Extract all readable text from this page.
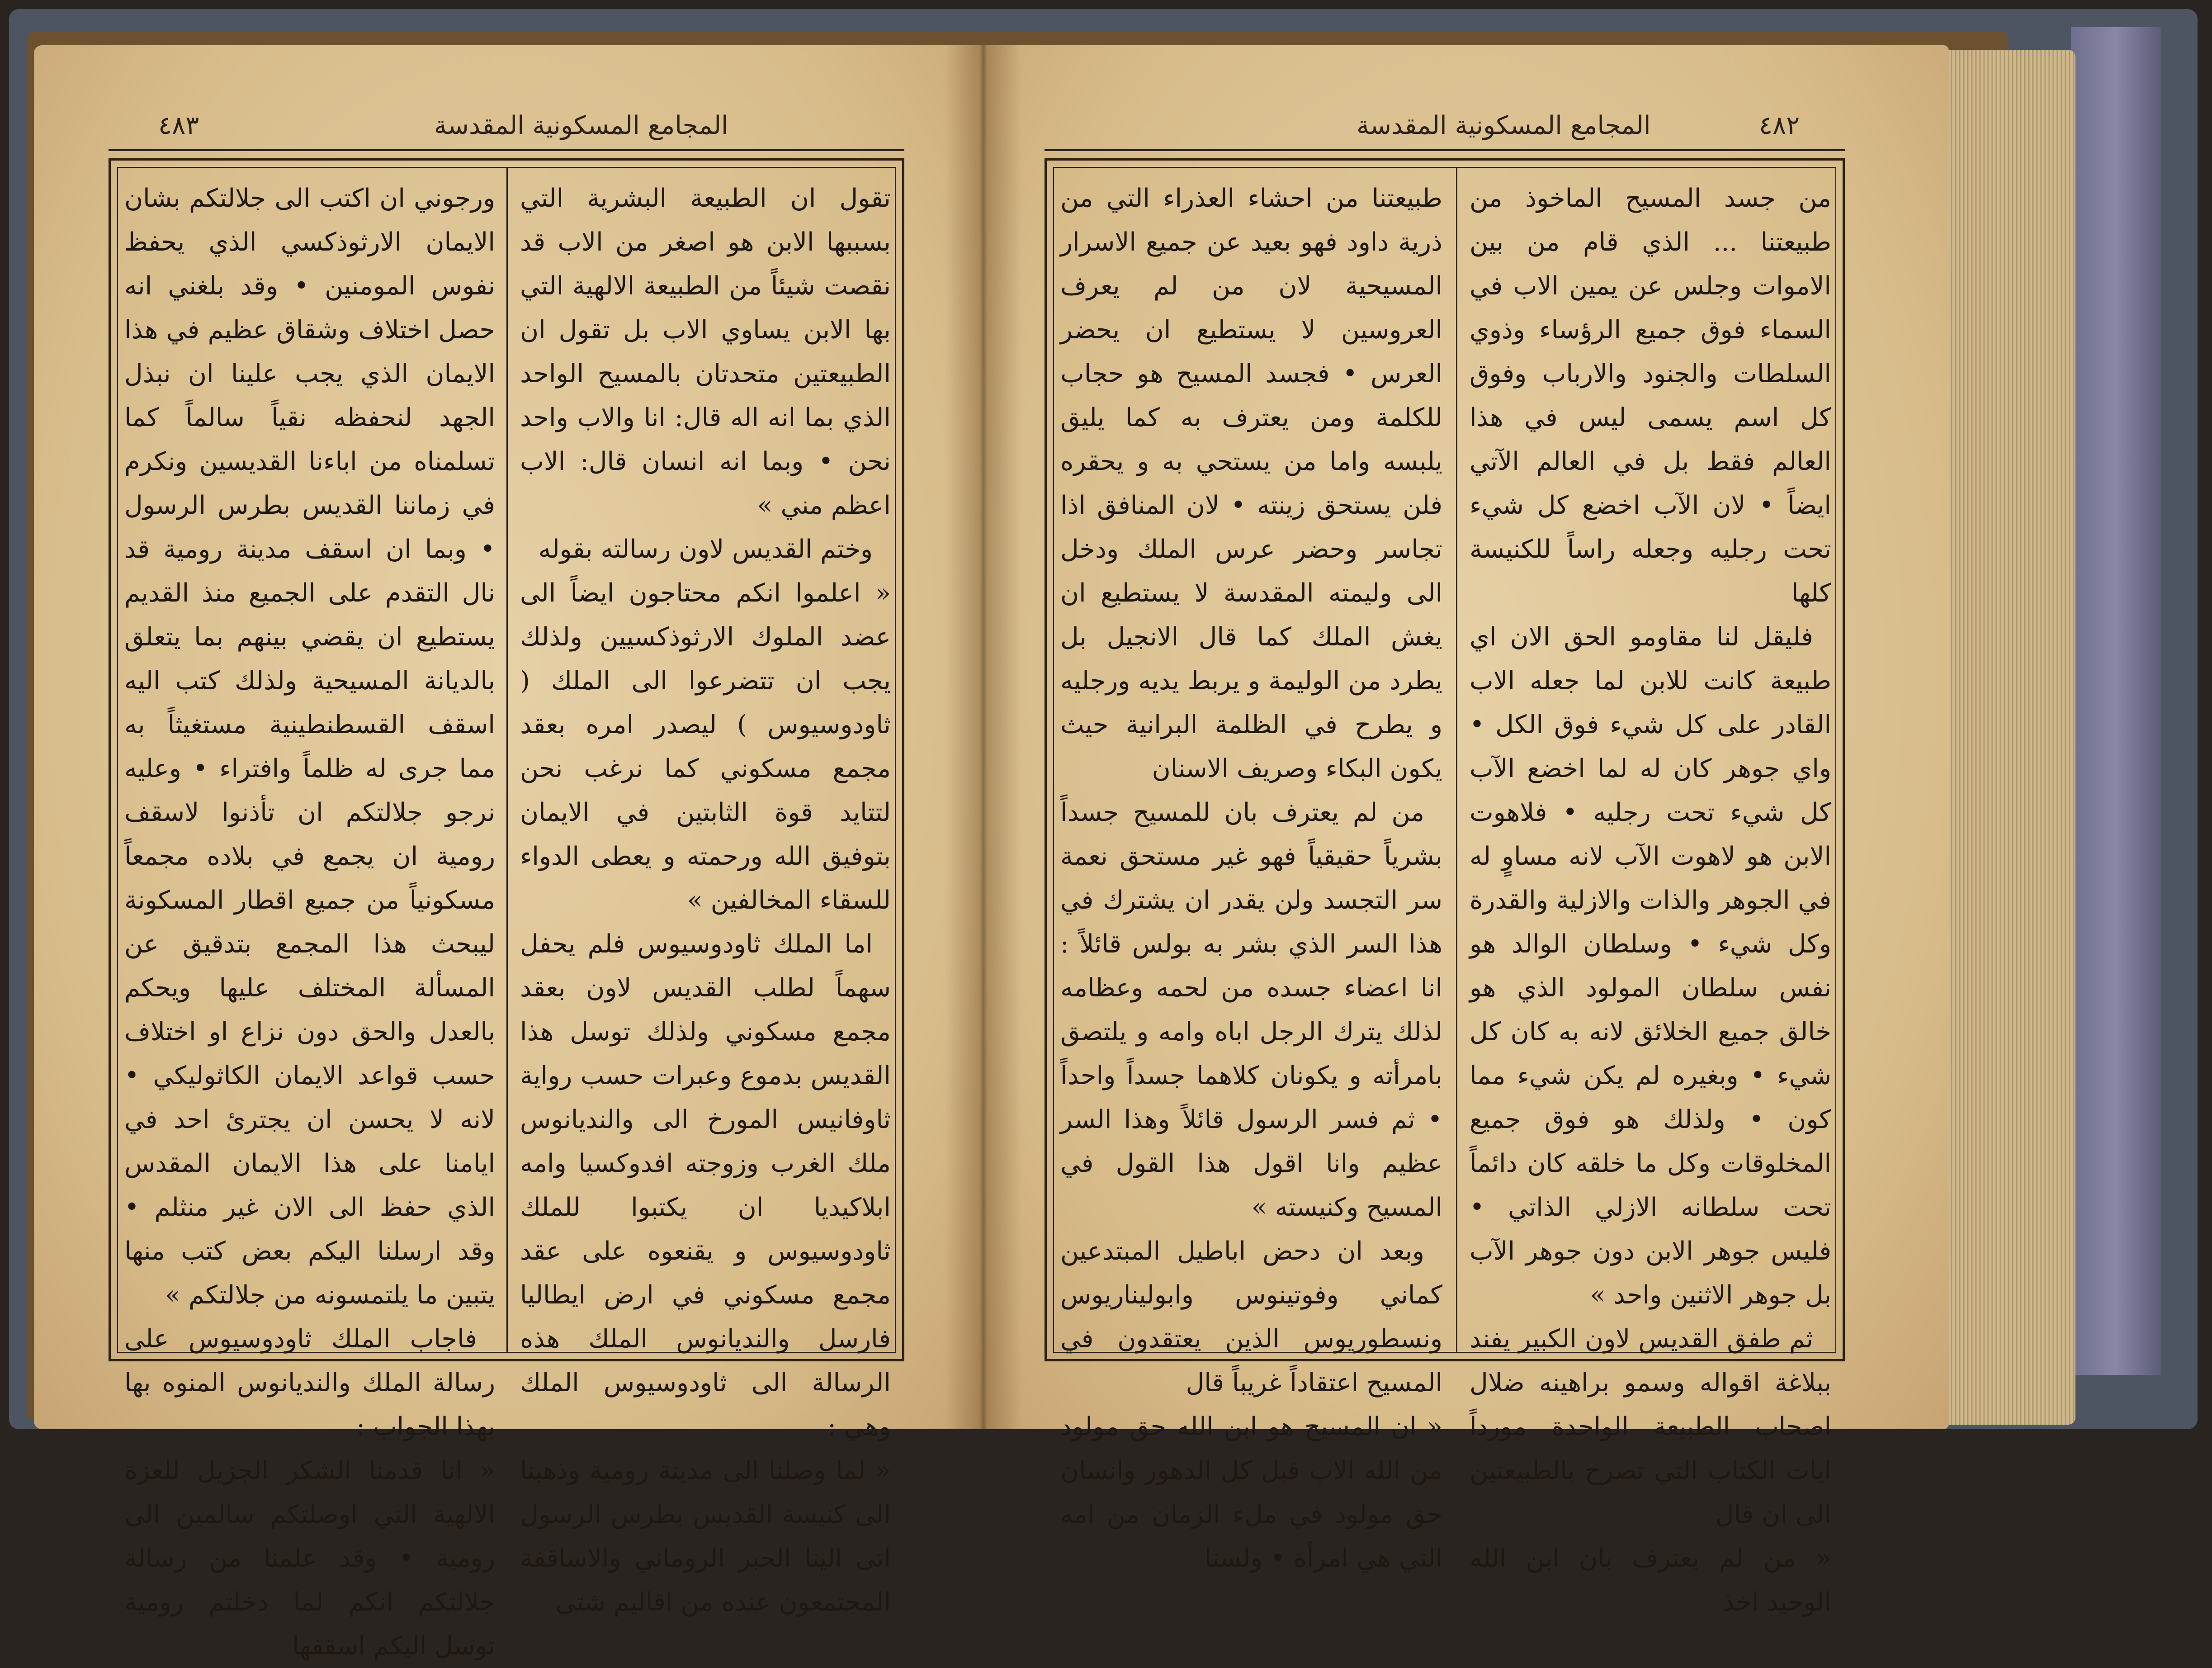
٤٨٣	المجامع المسكونية المقدسة

تقول ان الطبيعة البشرية التي بسببها الابن هو اصغر من الاب قد نقصت شيئاً من الطبيعة الالهية التي بها الابن يساوي الاب بل تقول ان الطبيعتين متحدتان بالمسيح الواحد الذي بما انه اله قال: انا والاب واحد نحن • وبما انه انسان قال: الاب اعظم مني »

وختم القديس لاون رسالته بقوله

« اعلموا انكم محتاجون ايضاً الى عضد الملوك الارثوذكسيين ولذلك يجب ان تتضرعوا الى الملك ( ثاودوسيوس ) ليصدر امره بعقد مجمع مسكوني كما نرغب نحن لتتايد قوة الثابتين في الايمان بتوفيق الله ورحمته و يعطى الدواء للسقاء المخالفين »

اما الملك ثاودوسيوس فلم يحفل سهماً لطلب القديس لاون بعقد مجمع مسكوني ولذلك توسل هذا القديس بدموع وعبرات حسب رواية ثاوفانيس المورخ الى والنديانوس ملك الغرب وزوجته افدوكسيا وامه ابلاكيديا ان يكتبوا للملك ثاودوسيوس و يقنعوه على عقد مجمع مسكوني في ارض ايطاليا فارسل والنديانوس الملك هذه الرسالة الى ثاودوسيوس الملك وهي :

« لما وصلنا الى مدينة رومية وذهبنا الى كنيسة القديس بطرس الرسول اتى الينا الحبر الروماني والاساقفة المجتمعون عنده من اقاليم شتى

ورجوني ان اكتب الى جلالتكم بشان الايمان الارثوذكسي الذي يحفظ نفوس المومنين • وقد بلغني انه حصل اختلاف وشقاق عظيم في هذا الايمان الذي يجب علينا ان نبذل الجهد لنحفظه نقياً سالماً كما تسلمناه من اباءنا القديسين ونكرم في زماننا القديس بطرس الرسول • وبما ان اسقف مدينة رومية قد نال التقدم على الجميع منذ القديم يستطيع ان يقضي بينهم بما يتعلق بالديانة المسيحية ولذلك كتب اليه اسقف القسطنطينية مستغيثاً به مما جرى له ظلماً وافتراء • وعليه نرجو جلالتكم ان تأذنوا لاسقف رومية ان يجمع في بلاده مجمعاً مسكونياً من جميع اقطار المسكونة ليبحث هذا المجمع بتدقيق عن المسألة المختلف عليها ويحكم بالعدل والحق دون نزاع او اختلاف حسب قواعد الايمان الكاثوليكي • لانه لا يحسن ان يجترئ احد في ايامنا على هذا الايمان المقدس الذي حفظ الى الان غير منثلم • وقد ارسلنا اليكم بعض كتب منها يتبين ما يلتمسونه من جلالتكم »

فاجاب الملك ثاودوسيوس على رسالة الملك والنديانوس المنوه بها بهذا الجواب :

« انا قدمنا الشكر الجزيل للعزة الالهية التي اوصلتكم سالمين الى رومية • وقد علمنا من رسالة جلالتكم انكم لما دخلتم رومية توسل اليكم اسقفها

٤٨٢
المجامع المسكونية المقدسة

من جسد المسيح الماخوذ من طبيعتنا ... الذي قام من بين الاموات وجلس عن يمين الاب في السماء فوق جميع الرؤساء وذوي السلطات والجنود والارباب وفوق كل اسم يسمى ليس في هذا العالم فقط بل في العالم الآتي ايضاً • لان الآب اخضع كل شيء تحت رجليه وجعله راساً للكنيسة كلها

فليقل لنا مقاومو الحق الان اي طبيعة كانت للابن لما جعله الاب القادر على كل شيء فوق الكل • واي جوهر كان له لما اخضع الآب كل شيء تحت رجليه • فلاهوت الابن هو لاهوت الآب لانه مساوٍ له في الجوهر والذات والازلية والقدرة وكل شيء • وسلطان الوالد هو نفس سلطان المولود الذي هو خالق جميع الخلائق لانه به كان كل شيء • وبغيره لم يكن شيء مما كون • ولذلك هو فوق جميع المخلوقات وكل ما خلقه كان دائماً تحت سلطانه الازلي الذاتي • فليس جوهر الابن دون جوهر الآب بل جوهر الاثنين واحد »

ثم طفق القديس لاون الكبير يفند ببلاغة اقواله وسمو براهينه ضلال اصحاب الطبيعة الواحدة مورداً ايات الكتاب التي تصرح بالطبيعتين الى ان قال

« من لم يعترف بان ابن الله الوحيد اخذ

طبيعتنا من احشاء العذراء التي من ذرية داود فهو بعيد عن جميع الاسرار المسيحية لان من لم يعرف العروسين لا يستطيع ان يحضر العرس • فجسد المسيح هو حجاب للكلمة ومن يعترف به كما يليق يلبسه واما من يستحي به و يحقره فلن يستحق زينته • لان المنافق اذا تجاسر وحضر عرس الملك ودخل الى وليمته المقدسة لا يستطيع ان يغش الملك كما قال الانجيل بل يطرد من الوليمة و يربط يديه ورجليه و يطرح في الظلمة البرانية حيث يكون البكاء وصريف الاسنان

من لم يعترف بان للمسيح جسداً بشرياً حقيقياً فهو غير مستحق نعمة سر التجسد ولن يقدر ان يشترك في هذا السر الذي بشر به بولس قائلاً : انا اعضاء جسده من لحمه وعظامه لذلك يترك الرجل اباه وامه و يلتصق بامرأته و يكونان كلاهما جسداً واحداً • ثم فسر الرسول قائلاً وهذا السر عظيم وانا اقول هذا القول في المسيح وكنيسته »

وبعد ان دحض اباطيل المبتدعين كماني وفوتينوس وابوليناريوس ونسطوريوس الذين يعتقدون في المسيح اعتقاداً غريباً قال

« ان المسيح هو ابن الله حق مولود من الله الاب قبل كل الدهور وانسان حق مولود في ملء الزمان من امه التي هي امرأة • ولسنا
